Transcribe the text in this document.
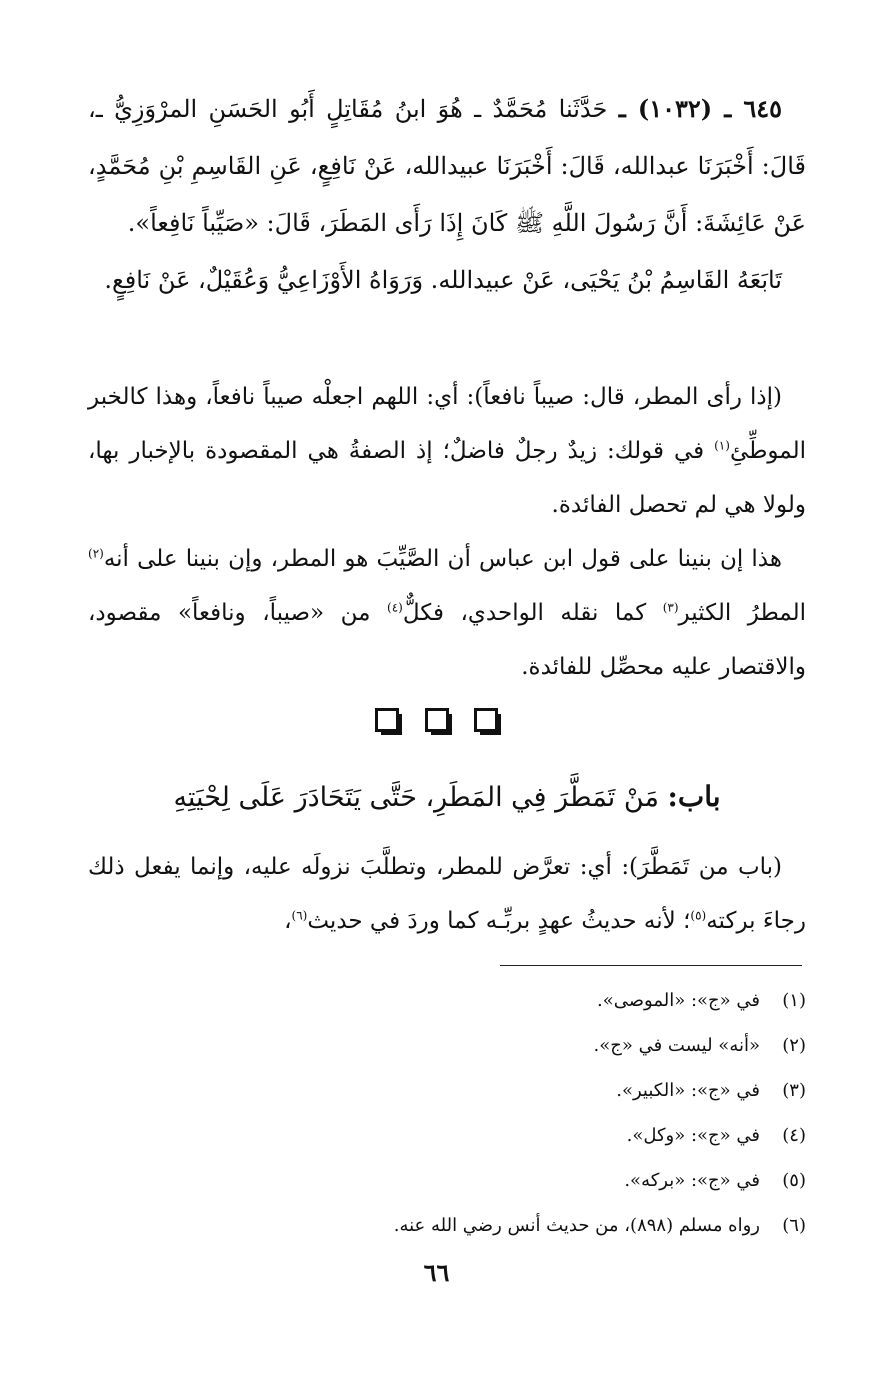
٦٤٥ ـ (١٠٣٢) ـ حَدَّثَنا مُحَمَّدٌ ـ هُوَ ابنُ مُقَاتِلٍ أَبُو الحَسَنِ المرْوَزِيُّ ـ، قَالَ: أَخْبَرَنَا عبدالله، قَالَ: أَخْبَرَنَا عبيدالله، عَنْ نَافِعٍ، عَنِ القَاسِمِ بْنِ مُحَمَّدٍ، عَنْ عَائِشَةَ: أَنَّ رَسُولَ اللَّهِ ﷺ كَانَ إِذَا رَأَى المَطَرَ، قَالَ: «صَيِّباً نَافِعاً».
تَابَعَهُ القَاسِمُ بْنُ يَحْيَى، عَنْ عبيدالله. وَرَوَاهُ الأَوْزَاعِيُّ وَعُقَيْلٌ، عَنْ نَافِعٍ.
(إذا رأى المطر، قال: صيباً نافعاً): أي: اللهم اجعلْه صيباً نافعاً، وهذا كالخبر الموطِّئِ$^{(١)}$ في قولك: زيدٌ رجلٌ فاضلٌ؛ إذ الصفةُ هي المقصودة بالإخبار بها، ولولا هي لم تحصل الفائدة.
هذا إن بنينا على قول ابن عباس أن الصَّيِّبَ هو المطر، وإن بنينا على أنه$^{(٢)}$ المطرُ الكثير$^{(٣)}$ كما نقله الواحدي، فكلٌّ$^{(٤)}$ من «صيباً، ونافعاً» مقصود، والاقتصار عليه محصِّل للفائدة.

باب: مَنْ تَمَطَّرَ فِي المَطَرِ، حَتَّى يَتَحَادَرَ عَلَى لِحْيَتِهِ
(باب من تَمَطَّرَ): أي: تعرَّض للمطر، وتطلَّبَ نزولَه عليه، وإنما يفعل ذلك رجاءَ بركته$^{(٥)}$؛ لأنه حديثُ عهدٍ بربِّـه كما وردَ في حديث$^{(٦)}$،
(١)في «ج»: «الموصى».
(٢)«أنه» ليست في «ج».
(٣)في «ج»: «الكبير».
(٤)في «ج»: «وكل».
(٥)في «ج»: «بركه».
(٦)رواه مسلم (٨٩٨)، من حديث أنس رضي الله عنه.
٦٦
